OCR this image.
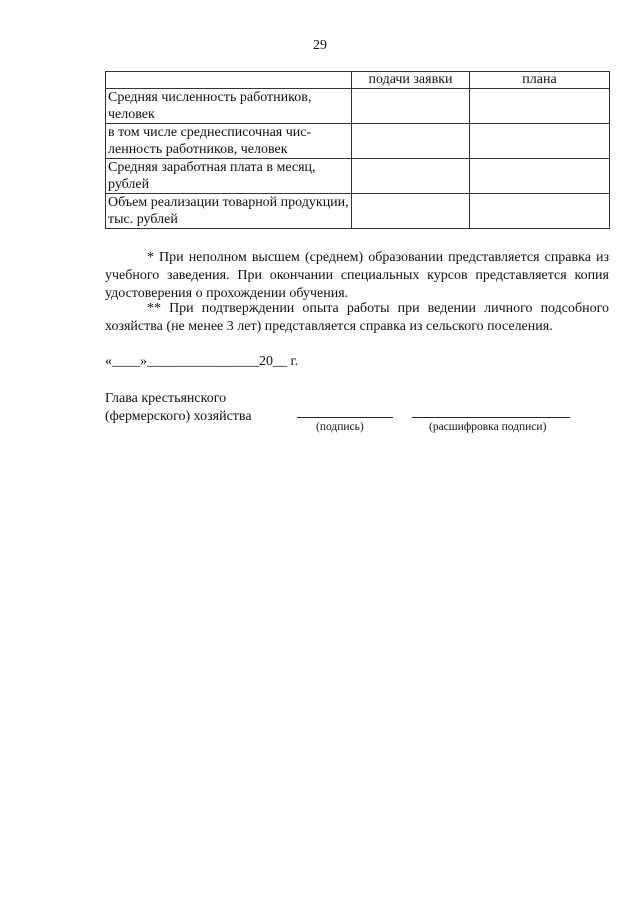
29
	подачи заявки	плана
Средняя численность работников, человек		
в том числе среднесписочная чис-ленность работников, человек		
Средняя заработная плата в месяц, рублей		
Объем реализации товарной продукции, тыс. рублей		
* При неполном высшем (среднем) образовании представляется справка из учебного заведения. При окончании специальных курсов представляется копия удостоверения о прохождении обучения.
** При подтверждении опыта работы при ведении личного подсобного хозяйства (не менее 3 лет) представляется справка из сельского поселения.
«____»________________20__ г.
Глава крестьянского
(фермерского) хозяйства
(подпись)	(расшифровка подписи)
